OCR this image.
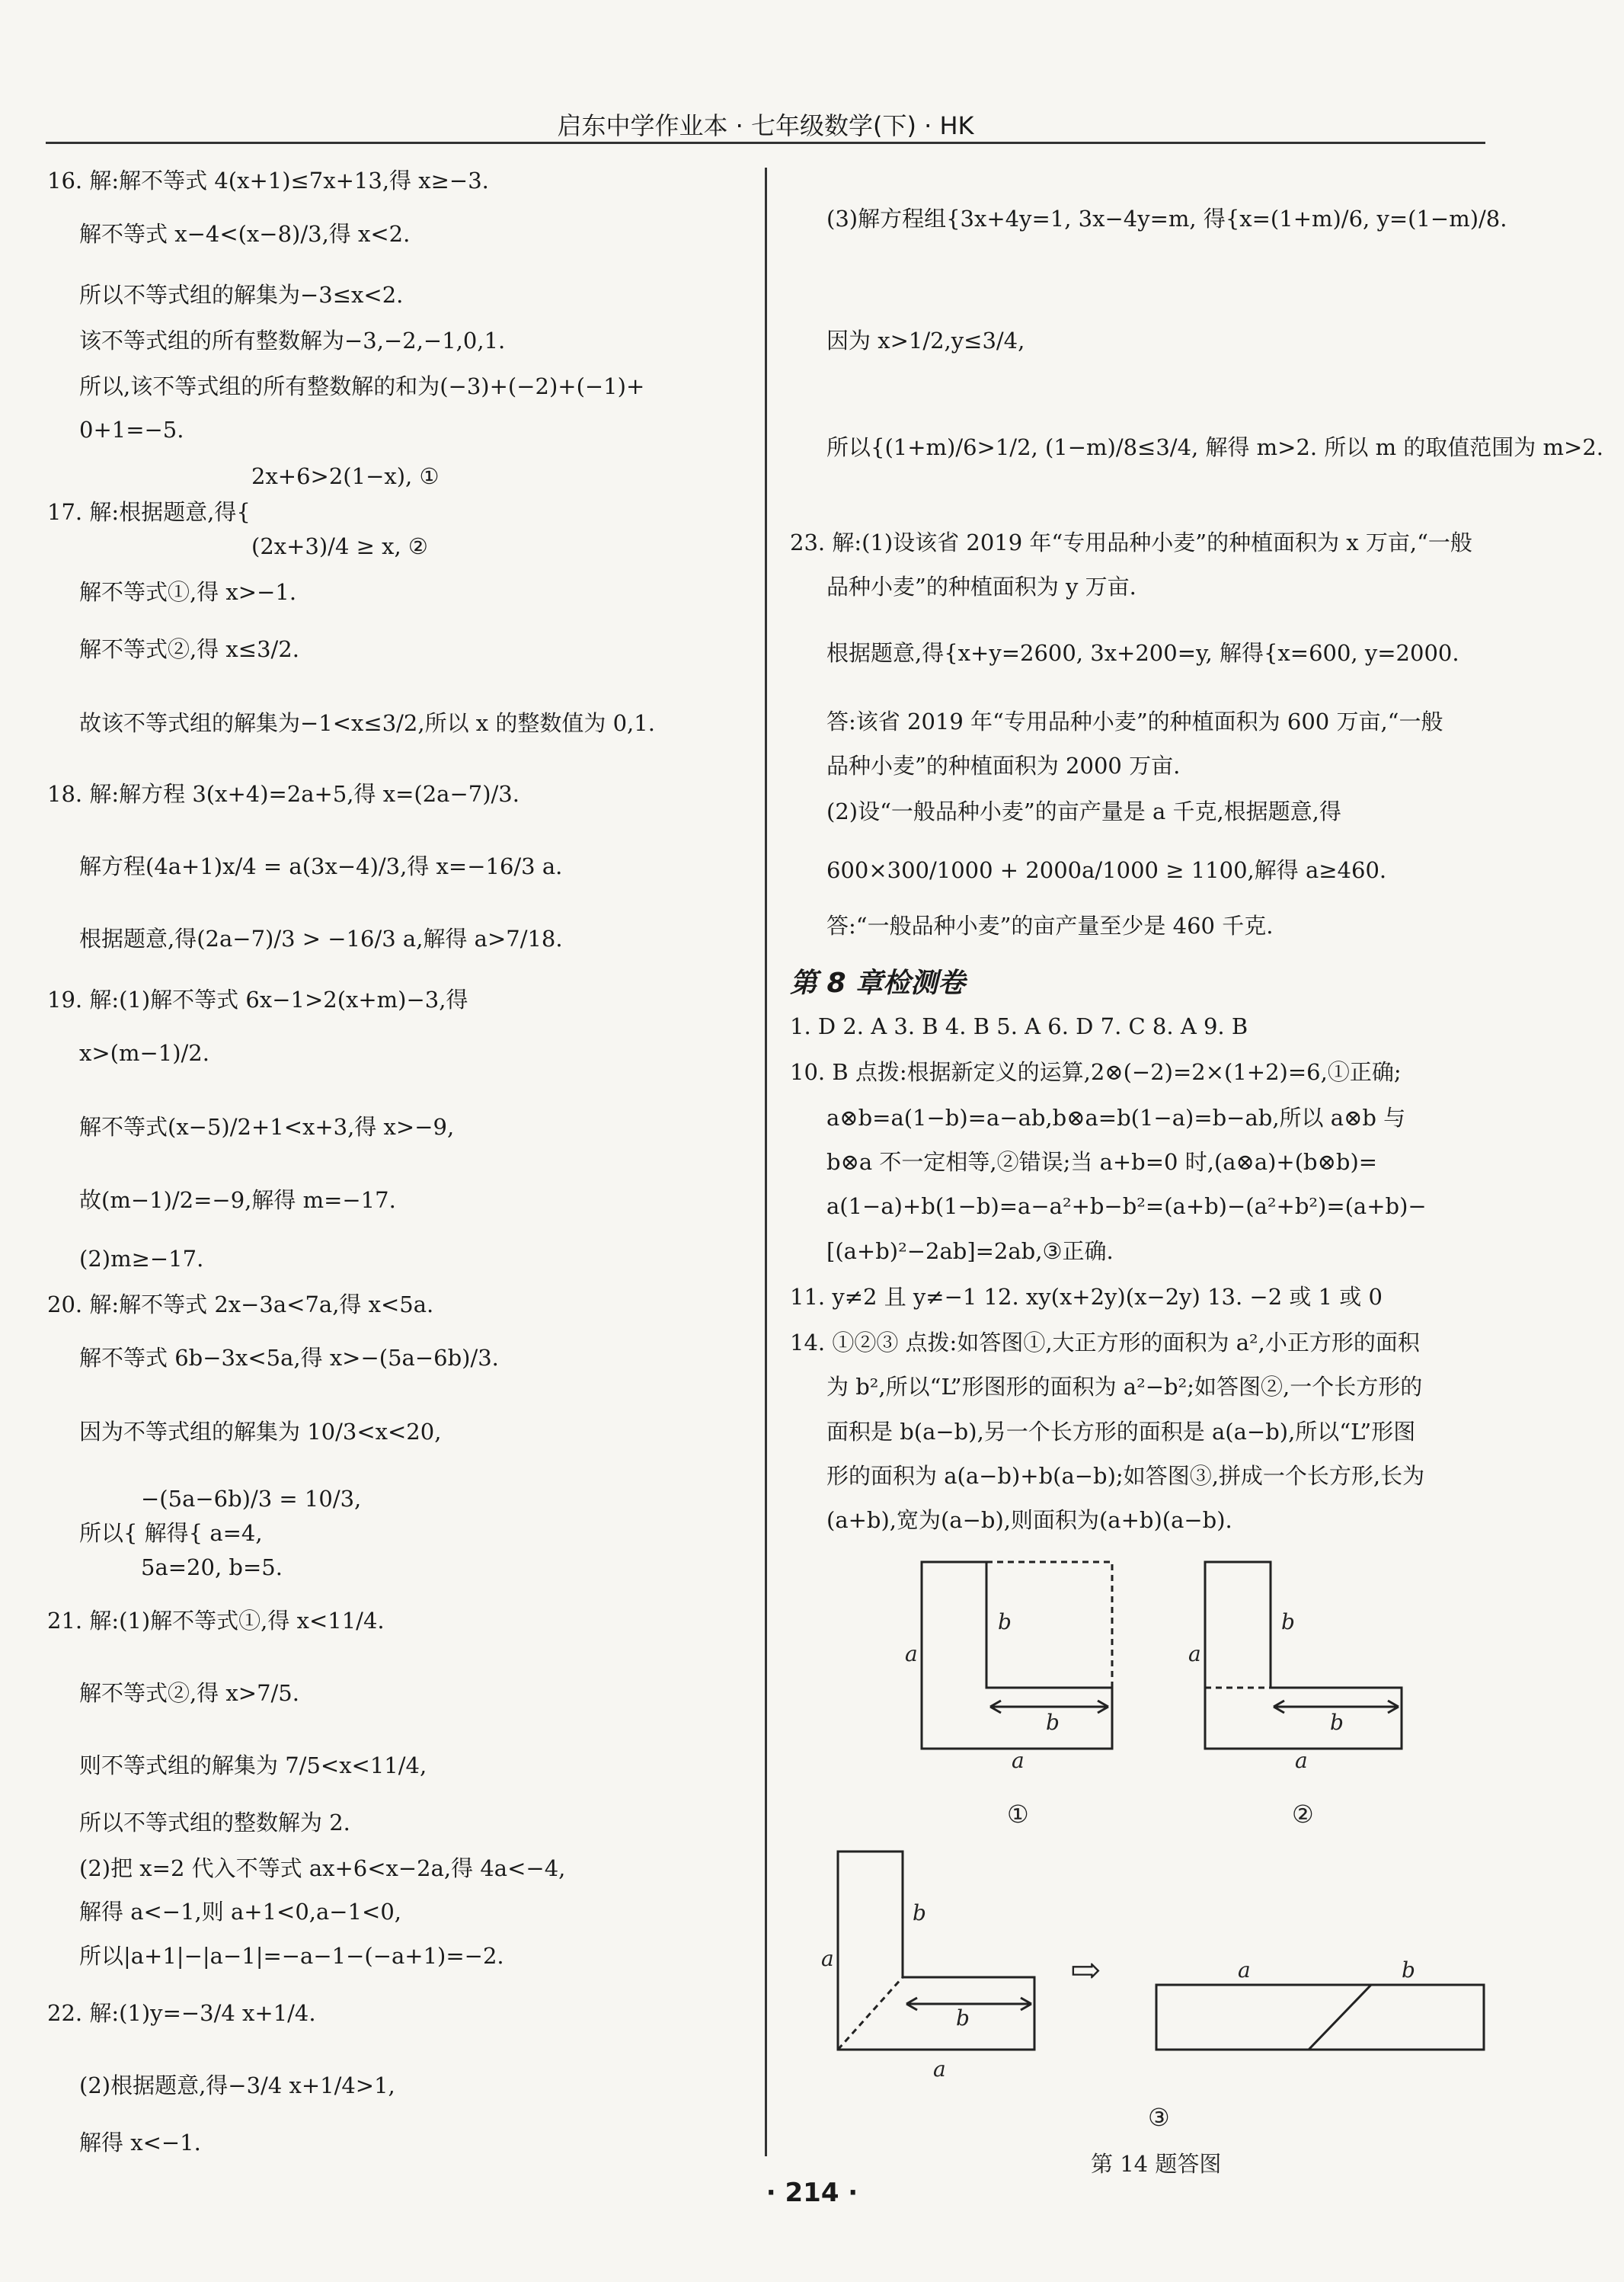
启东中学作业本 · 七年级数学(下) · HK
16. 解:解不等式 4(x+1)≤7x+13,得 x≥−3.
解不等式 x−4<(x−8)/3,得 x<2.
所以不等式组的解集为−3≤x<2.
该不等式组的所有整数解为−3,−2,−1,0,1.
所以,该不等式组的所有整数解的和为(−3)+(−2)+(−1)+
0+1=−5.
2x+6>2(1−x), ①
17. 解:根据题意,得{
(2x+3)/4 ≥ x, ②
解不等式①,得 x>−1.
解不等式②,得 x≤3/2.
故该不等式组的解集为−1<x≤3/2,所以 x 的整数值为 0,1.
18. 解:解方程 3(x+4)=2a+5,得 x=(2a−7)/3.
解方程(4a+1)x/4 = a(3x−4)/3,得 x=−16/3 a.
根据题意,得(2a−7)/3 > −16/3 a,解得 a>7/18.
19. 解:(1)解不等式 6x−1>2(x+m)−3,得
x>(m−1)/2.
解不等式(x−5)/2+1<x+3,得 x>−9,
故(m−1)/2=−9,解得 m=−17.
(2)m≥−17.
20. 解:解不等式 2x−3a<7a,得 x<5a.
解不等式 6b−3x<5a,得 x>−(5a−6b)/3.
因为不等式组的解集为 10/3<x<20,
−(5a−6b)/3 = 10/3,
所以{ 解得{ a=4,
5a=20, b=5.
21. 解:(1)解不等式①,得 x<11/4.
解不等式②,得 x>7/5.
则不等式组的解集为 7/5<x<11/4,
所以不等式组的整数解为 2.
(2)把 x=2 代入不等式 ax+6<x−2a,得 4a<−4,
解得 a<−1,则 a+1<0,a−1<0,
所以|a+1|−|a−1|=−a−1−(−a+1)=−2.
22. 解:(1)y=−3/4 x+1/4.
(2)根据题意,得−3/4 x+1/4>1,
解得 x<−1.
(3)解方程组{3x+4y=1, 3x−4y=m, 得{x=(1+m)/6, y=(1−m)/8.
因为 x>1/2,y≤3/4,
所以{(1+m)/6>1/2, (1−m)/8≤3/4, 解得 m>2. 所以 m 的取值范围为 m>2.
23. 解:(1)设该省 2019 年“专用品种小麦”的种植面积为 x 万亩,“一般
品种小麦”的种植面积为 y 万亩.
根据题意,得{x+y=2600, 3x+200=y, 解得{x=600, y=2000.
答:该省 2019 年“专用品种小麦”的种植面积为 600 万亩,“一般
品种小麦”的种植面积为 2000 万亩.
(2)设“一般品种小麦”的亩产量是 a 千克,根据题意,得
600×300/1000 + 2000a/1000 ≥ 1100,解得 a≥460.
答:“一般品种小麦”的亩产量至少是 460 千克.
第 8 章检测卷
1. D 2. A 3. B 4. B 5. A 6. D 7. C 8. A 9. B
10. B 点拨:根据新定义的运算,2⊗(−2)=2×(1+2)=6,①正确;
a⊗b=a(1−b)=a−ab,b⊗a=b(1−a)=b−ab,所以 a⊗b 与
b⊗a 不一定相等,②错误;当 a+b=0 时,(a⊗a)+(b⊗b)=
a(1−a)+b(1−b)=a−a²+b−b²=(a+b)−(a²+b²)=(a+b)−
[(a+b)²−2ab]=2ab,③正确.
11. y≠2 且 y≠−1 12. xy(x+2y)(x−2y) 13. −2 或 1 或 0
14. ①②③ 点拨:如答图①,大正方形的面积为 a²,小正方形的面积
为 b²,所以“L”形图形的面积为 a²−b²;如答图②,一个长方形的
面积是 b(a−b),另一个长方形的面积是 a(a−b),所以“L”形图
形的面积为 a(a−b)+b(a−b);如答图③,拼成一个长方形,长为
(a+b),宽为(a−b),则面积为(a+b)(a−b).
b
a
b
a
①
b
a
b
a
②
b
a
b
a
⇨	a	b
③
第 14 题答图
· 214 ·
